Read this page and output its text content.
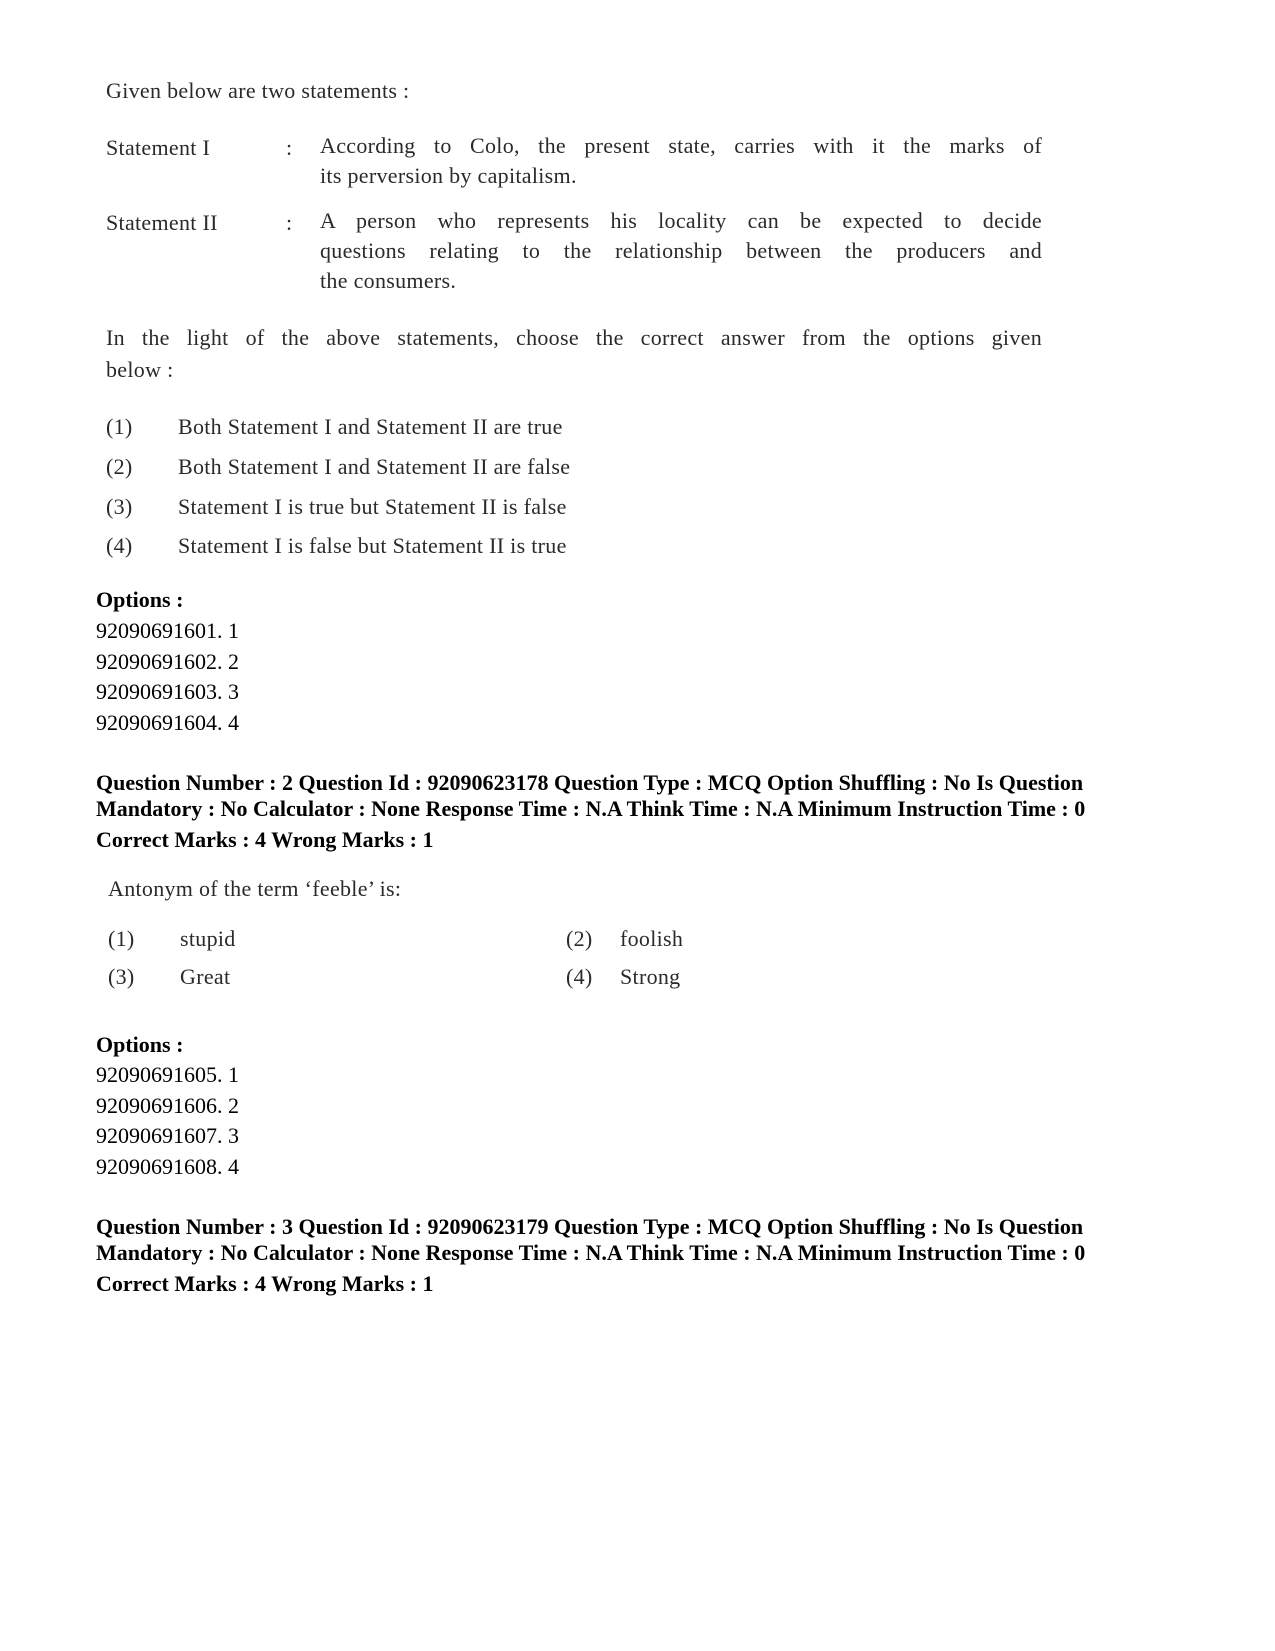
Given below are two statements :
Statement I	: According to Colo, the present state, carries with it the marks of
its perversion by capitalism.
Statement II	: A person who represents his locality can be expected to decide
questions relating to the relationship between the producers and
the consumers.
In the light of the above statements, choose the correct answer from the options given
below :
(1) Both Statement I and Statement II are true
(2) Both Statement I and Statement II are false
(3) Statement I is true but Statement II is false
(4) Statement I is false but Statement II is true
Options :
92090691601. 1
92090691602. 2
92090691603. 3
92090691604. 4
Question Number : 2 Question Id : 92090623178 Question Type : MCQ Option Shuffling : No Is Question
Mandatory : No Calculator : None Response Time : N.A Think Time : N.A Minimum Instruction Time : 0
Correct Marks : 4 Wrong Marks : 1
Antonym of the term ‘feeble’ is:
(1) stupid	(2) foolish
(3) Great	(4) Strong
Options :
92090691605. 1
92090691606. 2
92090691607. 3
92090691608. 4
Question Number : 3 Question Id : 92090623179 Question Type : MCQ Option Shuffling : No Is Question
Mandatory : No Calculator : None Response Time : N.A Think Time : N.A Minimum Instruction Time : 0
Correct Marks : 4 Wrong Marks : 1
